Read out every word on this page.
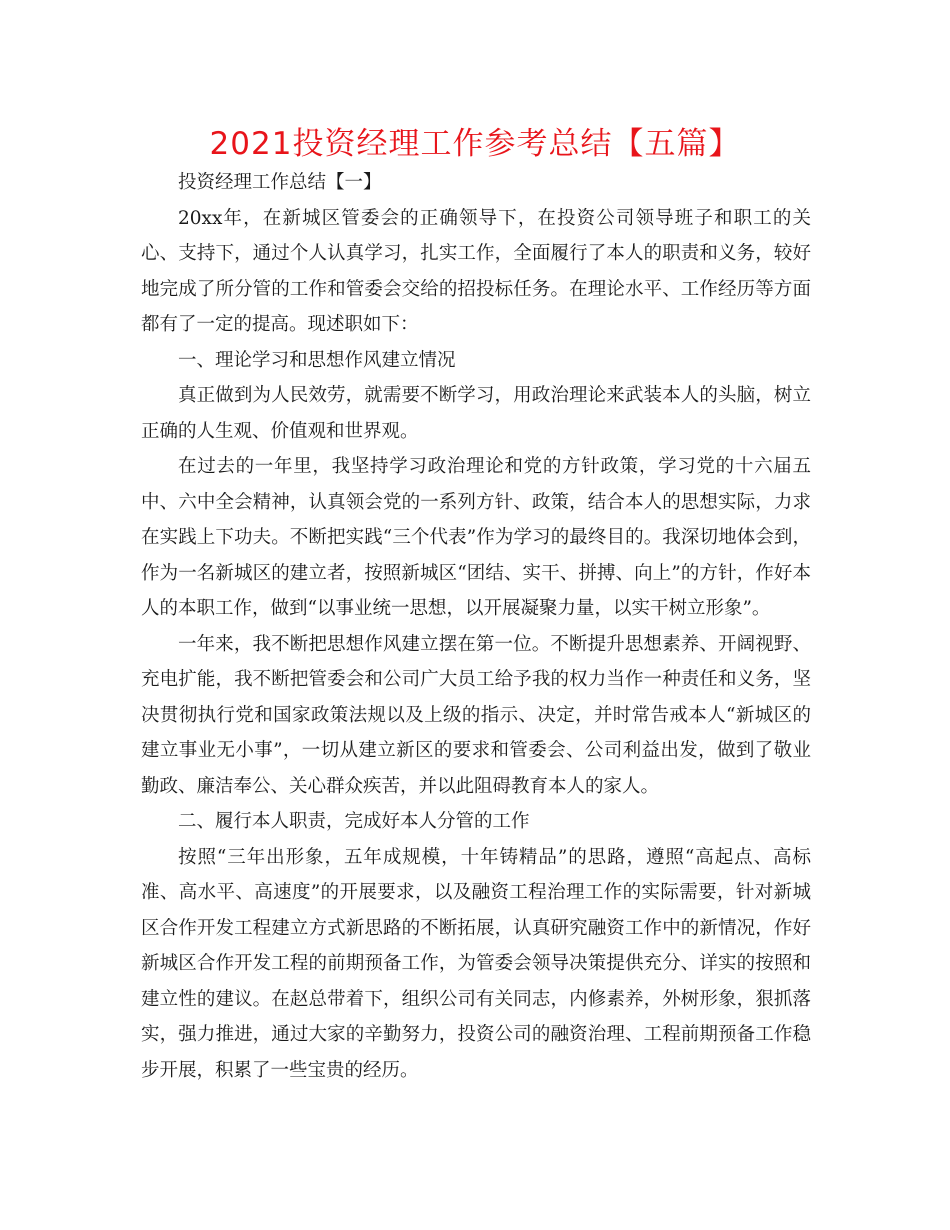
2021投资经理工作参考总结【五篇】

投资经理工作总结【一】

20xx年，在新城区管委会的正确领导下，在投资公司领导班子和职工的关心、支持下，通过个人认真学习，扎实工作，全面履行了本人的职责和义务，较好地完成了所分管的工作和管委会交给的招投标任务。在理论水平、工作经历等方面都有了一定的提高。现述职如下：

一、理论学习和思想作风建立情况

真正做到为人民效劳，就需要不断学习，用政治理论来武装本人的头脑，树立正确的人生观、价值观和世界观。

在过去的一年里，我坚持学习政治理论和党的方针政策，学习党的十六届五中、六中全会精神，认真领会党的一系列方针、政策，结合本人的思想实际，力求在实践上下功夫。不断把实践“三个代表”作为学习的最终目的。我深切地体会到，作为一名新城区的建立者，按照新城区“团结、实干、拼搏、向上”的方针，作好本人的本职工作，做到“以事业统一思想，以开展凝聚力量，以实干树立形象”。

一年来，我不断把思想作风建立摆在第一位。不断提升思想素养、开阔视野、充电扩能，我不断把管委会和公司广大员工给予我的权力当作一种责任和义务，坚决贯彻执行党和国家政策法规以及上级的指示、决定，并时常告戒本人“新城区的建立事业无小事”，一切从建立新区的要求和管委会、公司利益出发，做到了敬业勤政、廉洁奉公、关心群众疾苦，并以此阻碍教育本人的家人。

二、履行本人职责，完成好本人分管的工作

按照“三年出形象，五年成规模，十年铸精品”的思路，遵照“高起点、高标准、高水平、高速度”的开展要求，以及融资工程治理工作的实际需要，针对新城区合作开发工程建立方式新思路的不断拓展，认真研究融资工作中的新情况，作好新城区合作开发工程的前期预备工作，为管委会领导决策提供充分、详实的按照和建立性的建议。在赵总带着下，组织公司有关同志，内修素养，外树形象，狠抓落实，强力推进，通过大家的辛勤努力，投资公司的融资治理、工程前期预备工作稳步开展，积累了一些宝贵的经历。
